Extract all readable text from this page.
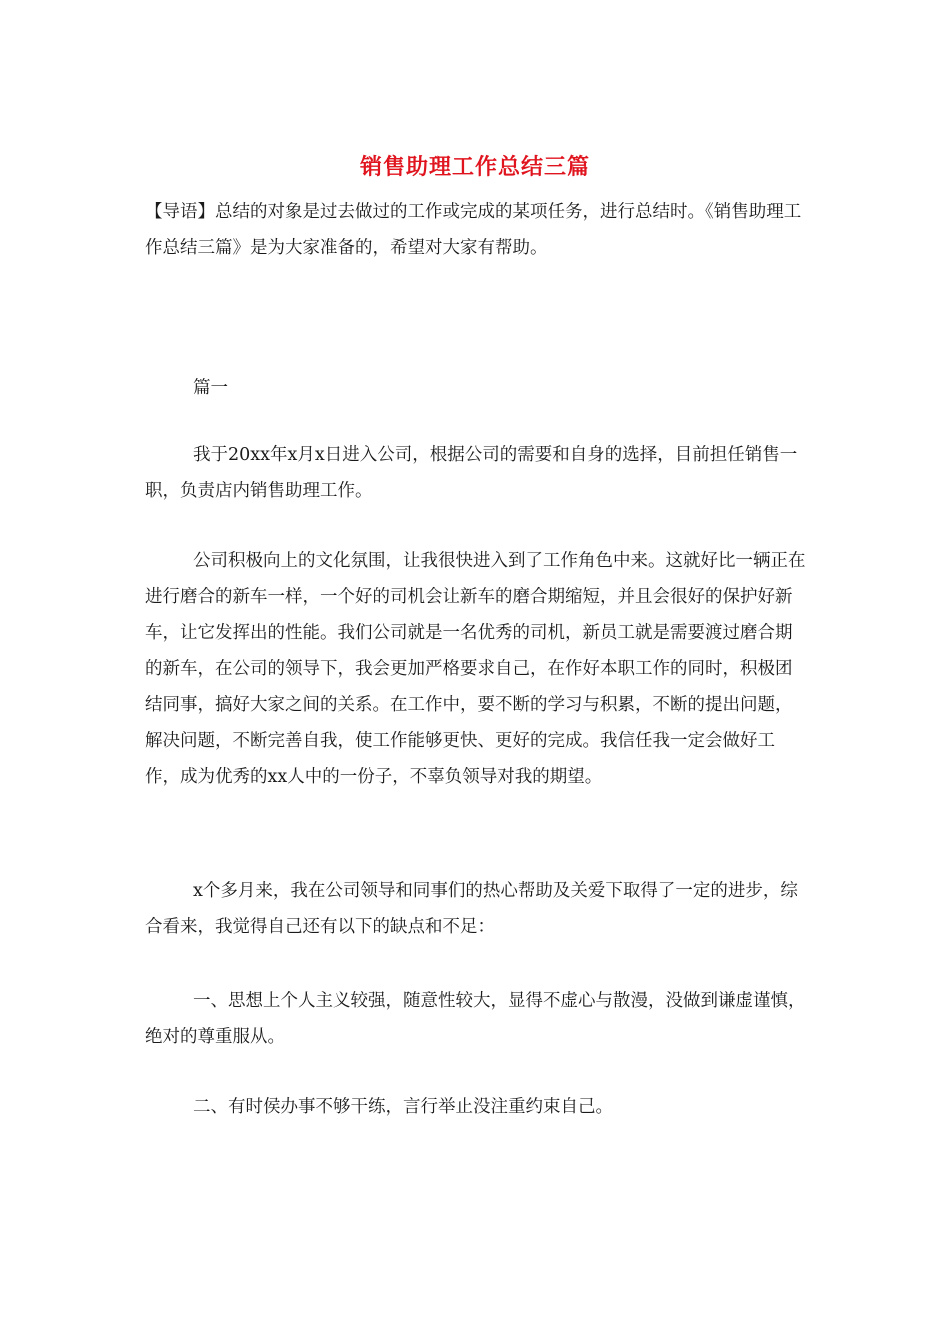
销售助理工作总结三篇

【导语】总结的对象是过去做过的工作或完成的某项任务，进行总结时。《销售助理工作总结三篇》是为大家准备的，希望对大家有帮助。

篇一

我于20xx年x月x日进入公司，根据公司的需要和自身的选择，目前担任销售一职，负责店内销售助理工作。

公司积极向上的文化氛围，让我很快进入到了工作角色中来。这就好比一辆正在进行磨合的新车一样，一个好的司机会让新车的磨合期缩短，并且会很好的保护好新车，让它发挥出的性能。我们公司就是一名优秀的司机，新员工就是需要渡过磨合期的新车，在公司的领导下，我会更加严格要求自己，在作好本职工作的同时，积极团结同事，搞好大家之间的关系。在工作中，要不断的学习与积累，不断的提出问题，解决问题，不断完善自我，使工作能够更快、更好的完成。我信任我一定会做好工作，成为优秀的xx人中的一份子，不辜负领导对我的期望。

x个多月来，我在公司领导和同事们的热心帮助及关爱下取得了一定的进步，综合看来，我觉得自己还有以下的缺点和不足：

一、思想上个人主义较强，随意性较大，显得不虚心与散漫，没做到谦虚谨慎，绝对的尊重服从。

二、有时侯办事不够干练，言行举止没注重约束自己。
